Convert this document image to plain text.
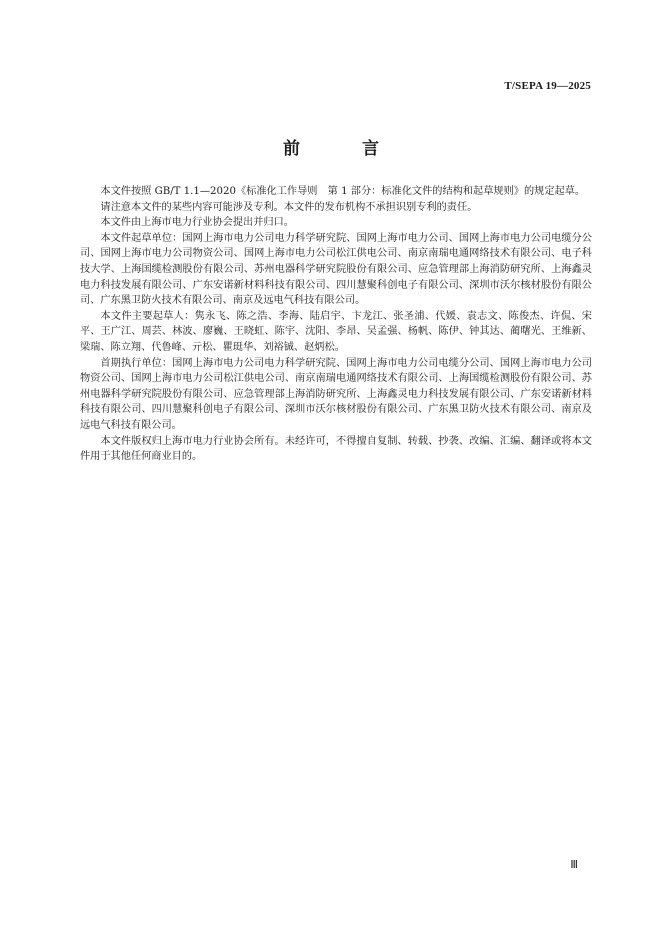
T/SEPA 19—2025
前 言

本文件按照 GB/T 1.1—2020《标准化工作导则　第 1 部分：标准化文件的结构和起草规则》的规定起草。

请注意本文件的某些内容可能涉及专利。本文件的发布机构不承担识别专利的责任。

本文件由上海市电力行业协会提出并归口。

本文件起草单位：国网上海市电力公司电力科学研究院、国网上海市电力公司、国网上海市电力公司电缆分公司、国网上海市电力公司物资公司、国网上海市电力公司松江供电公司、南京南瑞电通网络技术有限公司、电子科技大学、上海国缆检测股份有限公司、苏州电器科学研究院股份有限公司、应急管理部上海消防研究所、上海鑫灵电力科技发展有限公司、广东安诺新材料科技有限公司、四川慧聚科创电子有限公司、深圳市沃尔核材股份有限公司、广东黑卫防火技术有限公司、南京及远电气科技有限公司。

本文件主要起草人：隽永飞、陈之浩、李海、陆启宇、卞龙江、张圣浦、代媛、袁志文、陈俊杰、许侃、宋平、王广江、周芸、林波、廖巍、王晓虹、陈宇、沈阳、李昂、吴孟强、杨帆、陈伊、钟其达、蔺曙光、王维新、梁瑞、陈立翔、代鲁峰、亓松、瞿珽华、刘裕铖、赵炳松。

首期执行单位：国网上海市电力公司电力科学研究院、国网上海市电力公司电缆分公司、国网上海市电力公司物资公司、国网上海市电力公司松江供电公司、南京南瑞电通网络技术有限公司、上海国缆检测股份有限公司、苏州电器科学研究院股份有限公司、应急管理部上海消防研究所、上海鑫灵电力科技发展有限公司、广东安诺新材料科技有限公司、四川慧聚科创电子有限公司、深圳市沃尔核材股份有限公司、广东黑卫防火技术有限公司、南京及远电气科技有限公司。

本文件版权归上海市电力行业协会所有。未经许可，不得擅自复制、转载、抄袭、改编、汇编、翻译或将本文件用于其他任何商业目的。

Ⅲ
